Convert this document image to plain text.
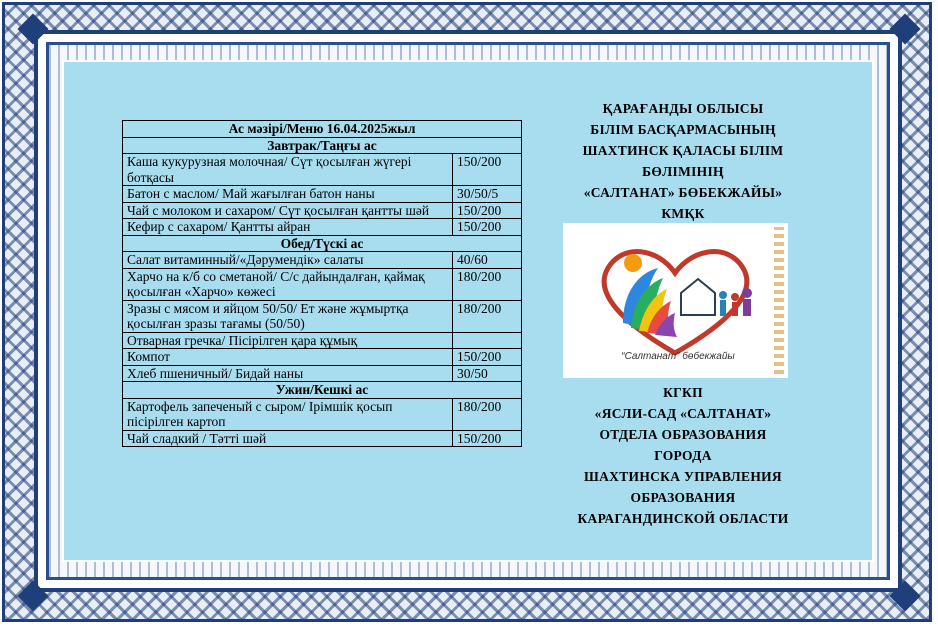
Ас мәзірі/Меню 16.04.2025жыл	
Завтрак/Таңғы ас	
Каша кукурузная молочная/ Сүт қосылған жүгері ботқасы	150/200
Батон с маслом/ Май жағылған батон наны	30/50/5
Чай с молоком и сахаром/ Сүт қосылған қантты шәй	150/200
Кефир с сахаром/ Қантты айран	150/200
Обед/Түскі ас	
Салат витаминный/«Дәрумендік» салаты	40/60
Харчо на к/б со сметаной/ С/с дайындалған, қаймақ қосылған «Харчо» көжесі	180/200
Зразы с мясом и яйцом 50/50/ Ет және жұмыртқа қосылған зразы тағамы (50/50)	180/200
Отварная гречка/ Пісірілген қара құмық	
Компот	150/200
Хлеб пшеничный/ Бидай наны	30/50
Ужин/Кешкі ас	
Картофель запеченый с сыром/ Ірімшік қосып пісірілген картоп	180/200
Чай сладкий / Тәтті шәй	150/200
ҚАРАҒАНДЫ ОБЛЫСЫ
БІЛІМ БАСҚАРМАСЫНЫҢ
ШАХТИНСК ҚАЛАСЫ БІЛІМ
БӨЛІМІНІҢ
«САЛТАНАТ» БӨБЕКЖАЙЫ»
КМҚК
“Салтанат” бөбекжайы
КГКП
«ЯСЛИ-САД «САЛТАНАТ»
ОТДЕЛА ОБРАЗОВАНИЯ
ГОРОДА
ШАХТИНСКА УПРАВЛЕНИЯ
ОБРАЗОВАНИЯ
КАРАГАНДИНСКОЙ ОБЛАСТИ
